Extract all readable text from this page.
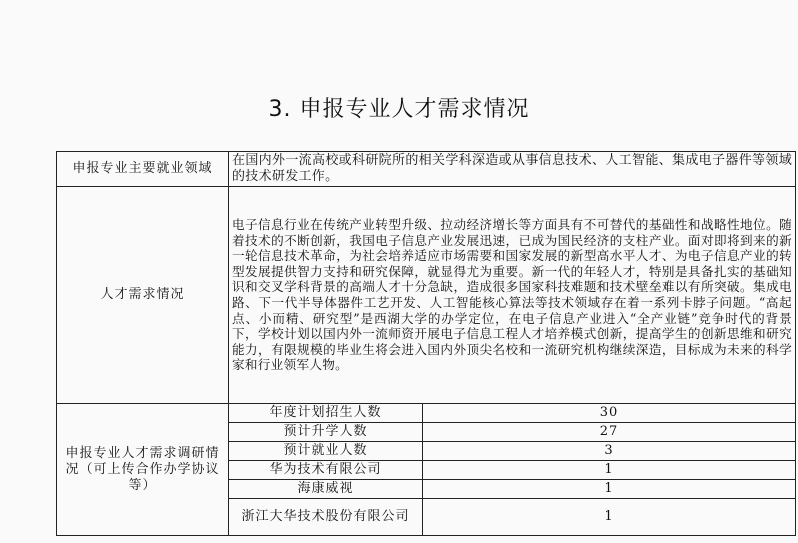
3. 申报专业人才需求情况
申报专业主要就业领域	在国内外一流高校或科研院所的相关学科深造或从事信息技术、人工智能、集成电子器件等领域的技术研发工作。	
人才需求情况	电子信息行业在传统产业转型升级、拉动经济增长等方面具有不可替代的基础性和战略性地位。随着技术的不断创新，我国电子信息产业发展迅速，已成为国民经济的支柱产业。面对即将到来的新一轮信息技术革命，为社会培养适应市场需要和国家发展的新型高水平人才、为电子信息产业的转型发展提供智力支持和研究保障，就显得尤为重要。新一代的年轻人才，特别是具备扎实的基础知识和交叉学科背景的高端人才十分急缺，造成很多国家科技难题和技术壁垒难以有所突破。集成电路、下一代半导体器件工艺开发、人工智能核心算法等技术领域存在着一系列卡脖子问题。“高起点、小而精、研究型”是西湖大学的办学定位，在电子信息产业进入“全产业链”竞争时代的背景下，学校计划以国内外一流师资开展电子信息工程人才培养模式创新，提高学生的创新思维和研究能力，有限规模的毕业生将会进入国内外顶尖名校和一流研究机构继续深造，目标成为未来的科学家和行业领军人物。	
申报专业人才需求调研情况（可上传合作办学协议等）	年度计划招生人数	30
	预计升学人数	27
	预计就业人数	3
	华为技术有限公司	1
	海康威视	1
	浙江大华技术股份有限公司	1
